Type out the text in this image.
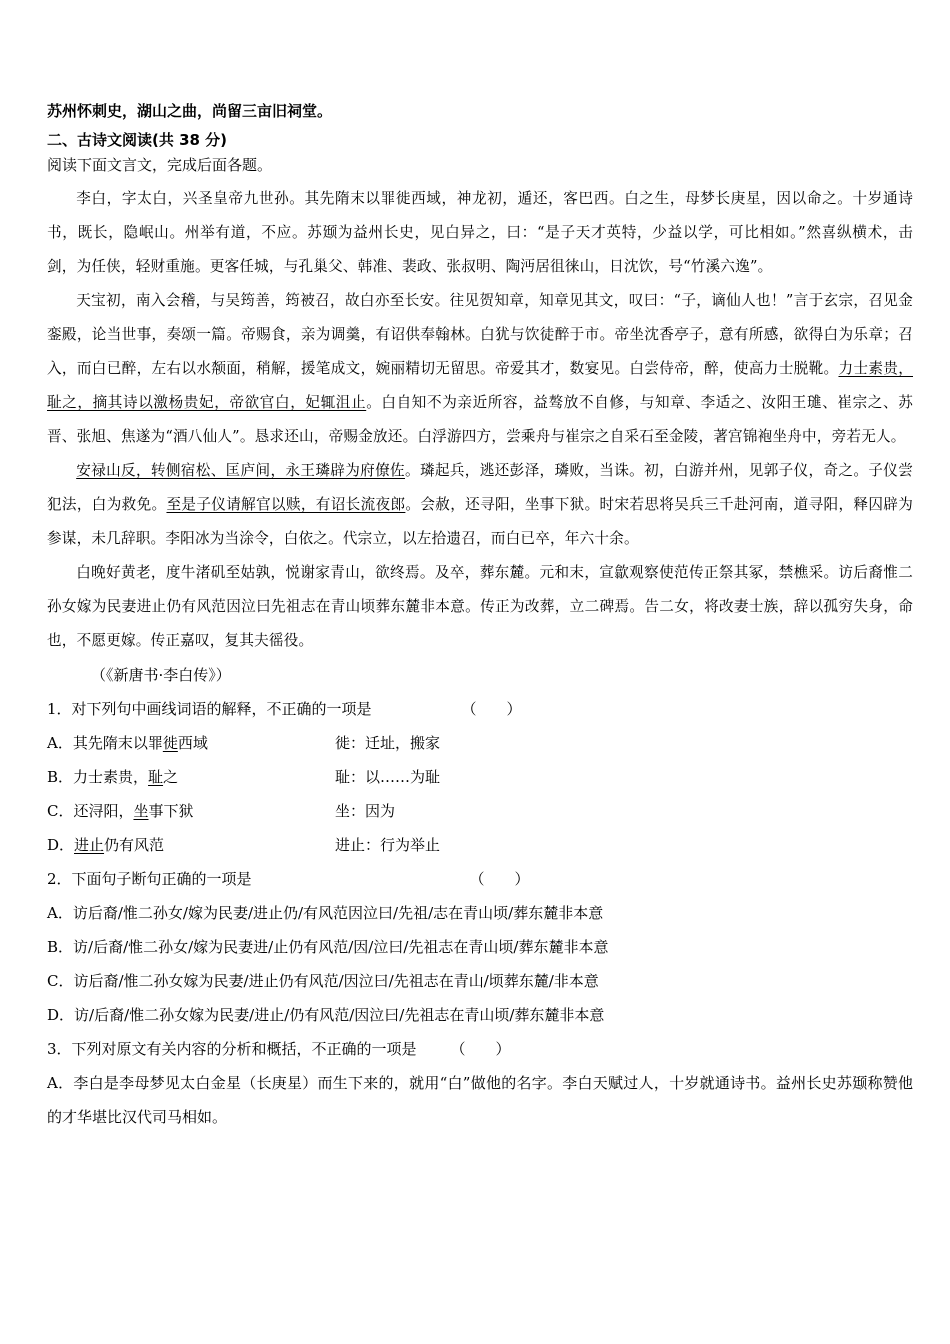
苏州怀刺史，湖山之曲，尚留三亩旧祠堂。
二、古诗文阅读(共 38 分)
阅读下面文言文，完成后面各题。

李白，字太白，兴圣皇帝九世孙。其先隋末以罪徙西域，神龙初，遁还，客巴西。白之生，母梦长庚星，因以命之。十岁通诗书，既长，隐岷山。州举有道，不应。苏颋为益州长史，见白异之，曰：“是子天才英特，少益以学，可比相如。”然喜纵横术，击剑，为任侠，轻财重施。更客任城，与孔巢父、韩准、裴政、张叔明、陶沔居徂徕山，日沈饮，号“竹溪六逸”。

天宝初，南入会稽，与吴筠善，筠被召，故白亦至长安。往见贺知章，知章见其文，叹曰：“子，谪仙人也！”言于玄宗，召见金銮殿，论当世事，奏颂一篇。帝赐食，亲为调羹，有诏供奉翰林。白犹与饮徒醉于市。帝坐沈香亭子，意有所感，欲得白为乐章；召入，而白已醉，左右以水颒面，稍解，援笔成文，婉丽精切无留思。帝爱其才，数宴见。白尝侍帝，醉，使高力士脱靴。力士素贵，耻之，摘其诗以激杨贵妃，帝欲官白，妃辄沮止。白自知不为亲近所容，益骜放不自修，与知章、李适之、汝阳王璡、崔宗之、苏晋、张旭、焦遂为“酒八仙人”。恳求还山，帝赐金放还。白浮游四方，尝乘舟与崔宗之自采石至金陵，著宫锦袍坐舟中，旁若无人。

安禄山反，转侧宿松、匡庐间，永王璘辟为府僚佐。璘起兵，逃还彭泽，璘败，当诛。初，白游并州，见郭子仪，奇之。子仪尝犯法，白为救免。至是子仪请解官以赎，有诏长流夜郎。会赦，还寻阳，坐事下狱。时宋若思将吴兵三千赴河南，道寻阳，释囚辟为参谋，未几辞职。李阳冰为当涂令，白依之。代宗立，以左拾遗召，而白已卒，年六十余。

白晚好黄老，度牛渚矶至姑孰，悦谢家青山，欲终焉。及卒，葬东麓。元和末，宣歙观察使范传正祭其冢，禁樵采。访后裔惟二孙女嫁为民妻进止仍有风范因泣曰先祖志在青山顷葬东麓非本意。传正为改葬，立二碑焉。告二女，将改妻士族，辞以孤穷失身，命也，不愿更嫁。传正嘉叹，复其夫徭役。

（《新唐书·李白传》）
1．对下列句中画线词语的解释，不正确的一项是	（　　）
A．其先隋末以罪徙西域	徙：迁址，搬家
B．力士素贵，耻之	耻：以……为耻
C．还浔阳，坐事下狱	坐：因为
D．进止仍有风范	进止：行为举止
2．下面句子断句正确的一项是	（　　）
A．访后裔/惟二孙女/嫁为民妻/进止仍/有风范因泣曰/先祖/志在青山顷/葬东麓非本意
B．访/后裔/惟二孙女/嫁为民妻进/止仍有风范/因/泣曰/先祖志在青山顷/葬东麓非本意
C．访后裔/惟二孙女嫁为民妻/进止仍有风范/因泣曰/先祖志在青山/顷葬东麓/非本意
D．访/后裔/惟二孙女嫁为民妻/进止/仍有风范/因泣曰/先祖志在青山顷/葬东麓非本意
3．下列对原文有关内容的分析和概括，不正确的一项是 （　　）
A．李白是李母梦见太白金星（长庚星）而生下来的，就用“白”做他的名字。李白天赋过人，十岁就通诗书。益州长史苏颋称赞他的才华堪比汉代司马相如。
